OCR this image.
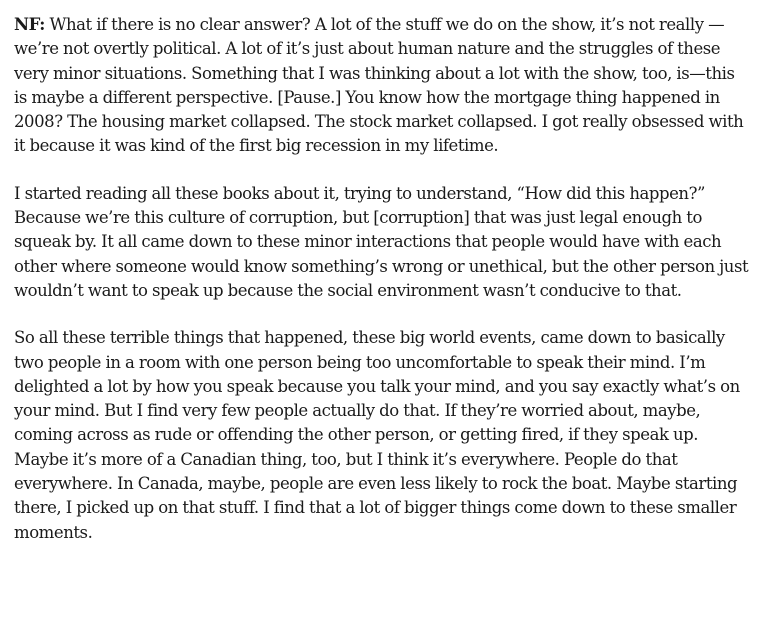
NF: What if there is no clear answer? A lot of the stuff we do on the show, it’s not really —we’re not overtly political. A lot of it’s just about human nature and the struggles of these very minor situations. Something that I was thinking about a lot with the show, too, is—this is maybe a different perspective. [Pause.] You know how the mortgage thing happened in 2008? The housing market collapsed. The stock market collapsed. I got really obsessed with it because it was kind of the first big recession in my lifetime.

I started reading all these books about it, trying to understand, “How did this happen?” Because we’re this culture of corruption, but [corruption] that was just legal enough to squeak by. It all came down to these minor interactions that people would have with each other where someone would know something’s wrong or unethical, but the other person just wouldn’t want to speak up because the social environment wasn’t conducive to that.

So all these terrible things that happened, these big world events, came down to basically two people in a room with one person being too uncomfortable to speak their mind. I’m delighted a lot by how you speak because you talk your mind, and you say exactly what’s on your mind. But I find very few people actually do that. If they’re worried about, maybe, coming across as rude or offending the other person, or getting fired, if they speak up. Maybe it’s more of a Canadian thing, too, but I think it’s everywhere. People do that everywhere. In Canada, maybe, people are even less likely to rock the boat. Maybe starting there, I picked up on that stuff. I find that a lot of bigger things come down to these smaller moments.
